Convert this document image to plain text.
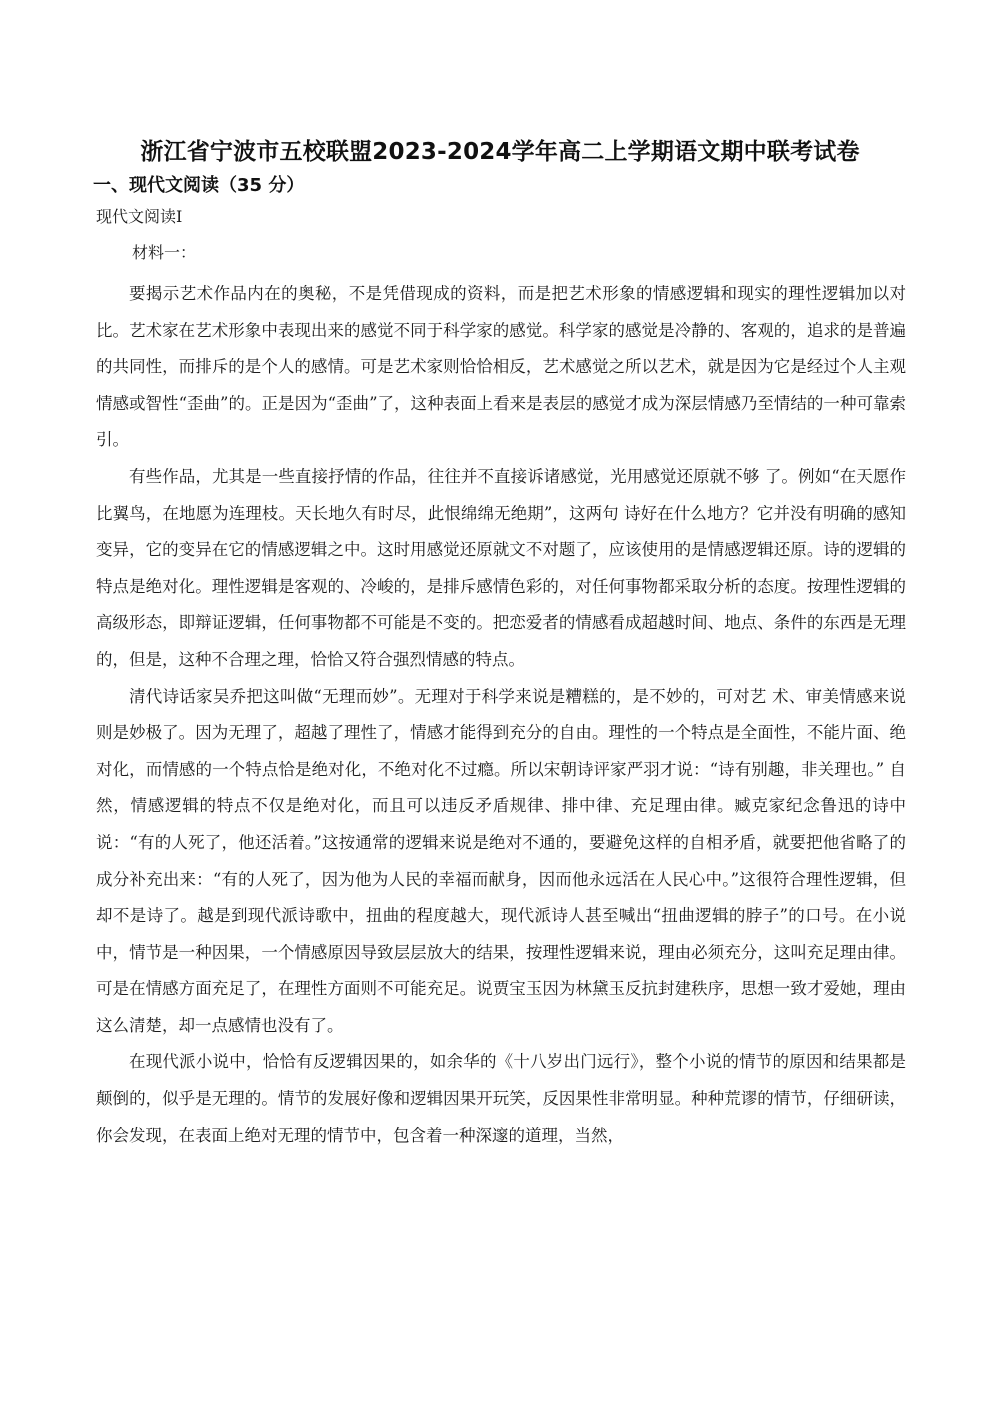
浙江省宁波市五校联盟2023-2024学年高二上学期语文期中联考试卷
一、现代文阅读（35 分）
现代文阅读Ⅰ
材料一：

要揭示艺术作品内在的奥秘，不是凭借现成的资料，而是把艺术形象的情感逻辑和现实的理性逻辑加以对比。艺术家在艺术形象中表现出来的感觉不同于科学家的感觉。科学家的感觉是冷静的、客观的，追求的是普遍的共同性，而排斥的是个人的感情。可是艺术家则恰恰相反，艺术感觉之所以艺术，就是因为它是经过个人主观情感或智性“歪曲”的。正是因为“歪曲”了，这种表面上看来是表层的感觉才成为深层情感乃至情结的一种可靠索引。

有些作品，尤其是一些直接抒情的作品，往往并不直接诉诸感觉，光用感觉还原就不够 了。例如“在天愿作比翼鸟，在地愿为连理枝。天长地久有时尽，此恨绵绵无绝期”，这两句 诗好在什么地方？它并没有明确的感知变异，它的变异在它的情感逻辑之中。这时用感觉还原就文不对题了，应该使用的是情感逻辑还原。诗的逻辑的特点是绝对化。理性逻辑是客观的、冷峻的，是排斥感情色彩的，对任何事物都采取分析的态度。按理性逻辑的高级形态，即辩证逻辑，任何事物都不可能是不变的。把恋爱者的情感看成超越时间、地点、条件的东西是无理的，但是，这种不合理之理，恰恰又符合强烈情感的特点。

清代诗话家吴乔把这叫做“无理而妙”。无理对于科学来说是糟糕的，是不妙的，可对艺 术、审美情感来说则是妙极了。因为无理了，超越了理性了，情感才能得到充分的自由。理性的一个特点是全面性，不能片面、绝对化，而情感的一个特点恰是绝对化，不绝对化不过瘾。所以宋朝诗评家严羽才说：“诗有别趣，非关理也。” 自然，情感逻辑的特点不仅是绝对化，而且可以违反矛盾规律、排中律、充足理由律。臧克家纪念鲁迅的诗中说：“有的人死了，他还活着。”这按通常的逻辑来说是绝对不通的，要避免这样的自相矛盾，就要把他省略了的成分补充出来：“有的人死了，因为他为人民的幸福而献身，因而他永远活在人民心中。”这很符合理性逻辑，但却不是诗了。越是到现代派诗歌中，扭曲的程度越大，现代派诗人甚至喊出“扭曲逻辑的脖子”的口号。在小说中，情节是一种因果，一个情感原因导致层层放大的结果，按理性逻辑来说，理由必须充分，这叫充足理由律。可是在情感方面充足了，在理性方面则不可能充足。说贾宝玉因为林黛玉反抗封建秩序，思想一致才爱她，理由这么清楚，却一点感情也没有了。

在现代派小说中，恰恰有反逻辑因果的，如余华的《十八岁出门远行》，整个小说的情节的原因和结果都是颠倒的，似乎是无理的。情节的发展好像和逻辑因果开玩笑，反因果性非常明显。种种荒谬的情节，仔细研读，你会发现，在表面上绝对无理的情节中，包含着一种深邃的道理，当然，
